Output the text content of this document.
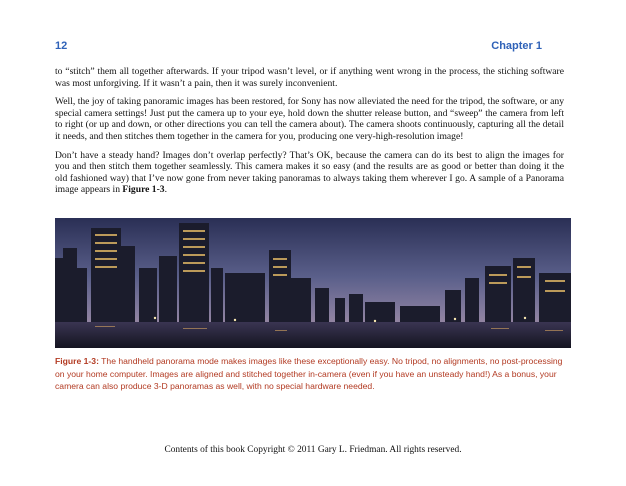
12	Chapter 1

to “stitch” them all together afterwards. If your tripod wasn’t level, or if anything went wrong in the process, the stiching software was most unforgiving. If it wasn’t a pain, then it was surely inconvenient.

Well, the joy of taking panoramic images has been restored, for Sony has now alleviated the need for the tripod, the software, or any special camera settings! Just put the camera up to your eye, hold down the shutter release button, and “sweep” the camera from left to right (or up and down, or other directions you can tell the camera about). The camera shoots continuously, capturing all the detail it needs, and then stitches them together in the camera for you, producing one very-high-resolution image!

Don’t have a steady hand? Images don’t overlap perfectly? That’s OK, because the camera can do its best to align the images for you and then stitch them together seamlessly. This camera makes it so easy (and the results are as good or better than doing it the old fashioned way) that I’ve now gone from never taking panoramas to always taking them wherever I go. A sample of a Panorama image appears in Figure 1-3.

Figure 1-3: The handheld panorama mode makes images like these exceptionally easy. No tripod, no alignments, no post-processing on your home computer. Images are aligned and stitched together in-camera (even if you have an unsteady hand!) As a bonus, your camera can also produce 3-D panoramas as well, with no special hardware needed.
Contents of this book Copyright © 2011 Gary L. Friedman. All rights reserved.
